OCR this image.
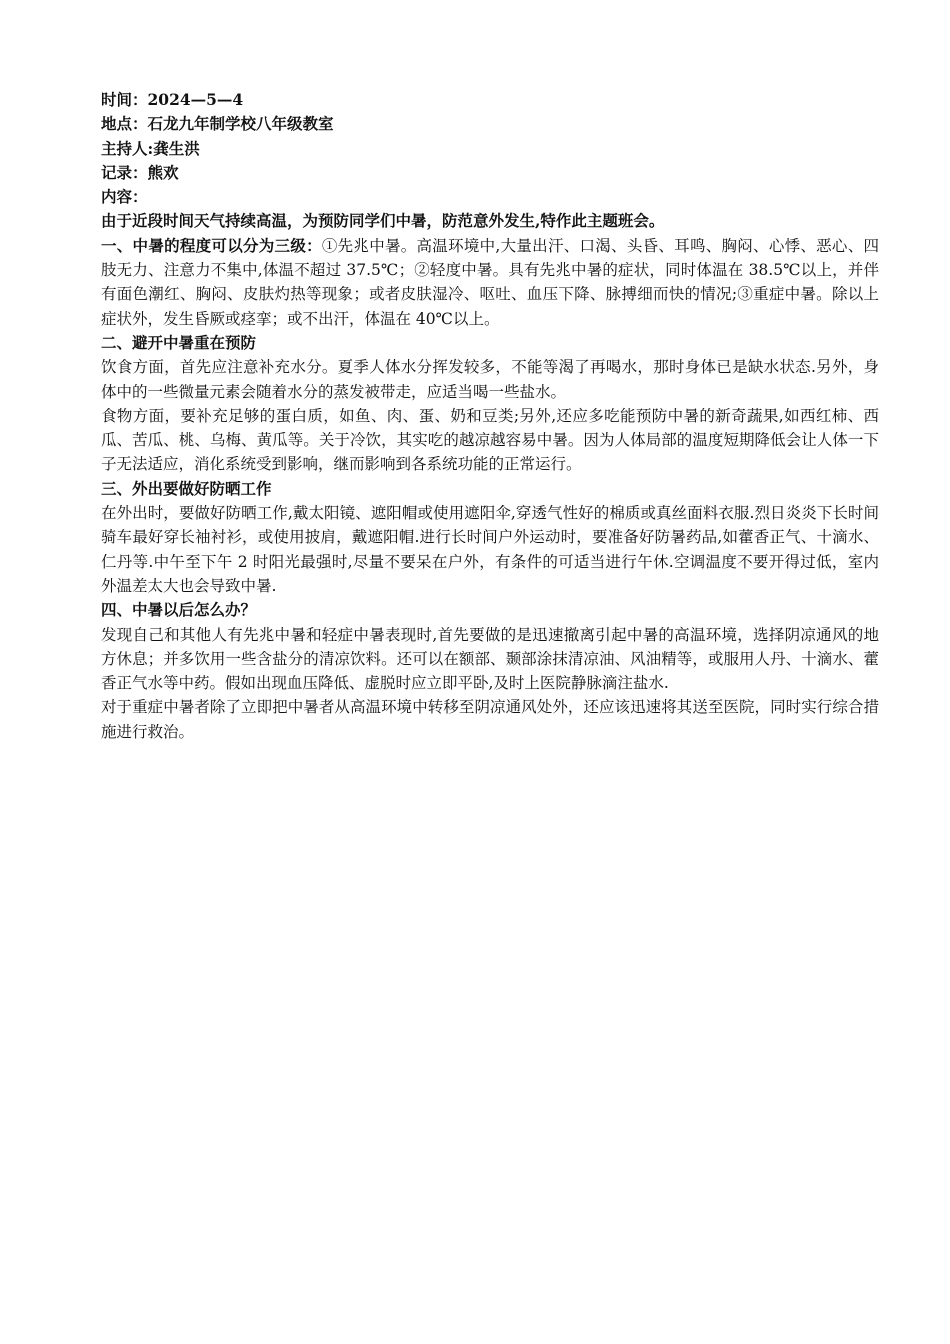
时间：2024—5—4

地点：石龙九年制学校八年级教室

主持人:龚生洪

记录：熊欢

内容：

由于近段时间天气持续高温，为预防同学们中暑，防范意外发生,特作此主题班会。

一、中暑的程度可以分为三级：①先兆中暑。高温环境中,大量出汗、口渴、头昏、耳鸣、胸闷、心悸、恶心、四肢无力、注意力不集中,体温不超过 37.5℃；②轻度中暑。具有先兆中暑的症状，同时体温在 38.5℃以上，并伴有面色潮红、胸闷、皮肤灼热等现象；或者皮肤湿冷、呕吐、血压下降、脉搏细而快的情况;③重症中暑。除以上症状外，发生昏厥或痉挛；或不出汗，体温在 40℃以上。

二、避开中暑重在预防

饮食方面，首先应注意补充水分。夏季人体水分挥发较多，不能等渴了再喝水，那时身体已是缺水状态.另外，身体中的一些微量元素会随着水分的蒸发被带走，应适当喝一些盐水。

食物方面，要补充足够的蛋白质，如鱼、肉、蛋、奶和豆类;另外,还应多吃能预防中暑的新奇蔬果,如西红柿、西瓜、苦瓜、桃、乌梅、黄瓜等。关于冷饮，其实吃的越凉越容易中暑。因为人体局部的温度短期降低会让人体一下子无法适应，消化系统受到影响，继而影响到各系统功能的正常运行。

三、外出要做好防晒工作

在外出时，要做好防晒工作,戴太阳镜、遮阳帽或使用遮阳伞,穿透气性好的棉质或真丝面料衣服.烈日炎炎下长时间骑车最好穿长袖衬衫，或使用披肩，戴遮阳帽.进行长时间户外运动时，要准备好防暑药品,如藿香正气、十滴水、仁丹等.中午至下午 2 时阳光最强时,尽量不要呆在户外，有条件的可适当进行午休.空调温度不要开得过低，室内外温差太大也会导致中暑.

四、中暑以后怎么办？

发现自己和其他人有先兆中暑和轻症中暑表现时,首先要做的是迅速撤离引起中暑的高温环境，选择阴凉通风的地方休息；并多饮用一些含盐分的清凉饮料。还可以在额部、颞部涂抹清凉油、风油精等，或服用人丹、十滴水、藿香正气水等中药。假如出现血压降低、虚脱时应立即平卧,及时上医院静脉滴注盐水.

对于重症中暑者除了立即把中暑者从高温环境中转移至阴凉通风处外，还应该迅速将其送至医院，同时实行综合措施进行救治。
